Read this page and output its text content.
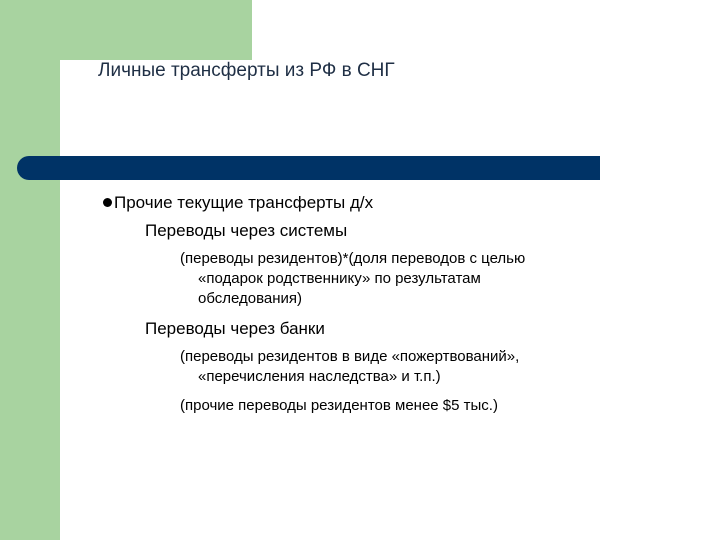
Личные трансферты из РФ в СНГ
Прочие текущие трансферты д/х
Переводы через системы
(переводы резидентов)*(доля переводов с целью
«подарок родственнику» по результатам
обследования)
Переводы через банки
(переводы резидентов в виде «пожертвований»,
«перечисления наследства» и т.п.)
(прочие переводы резидентов менее $5 тыс.)
